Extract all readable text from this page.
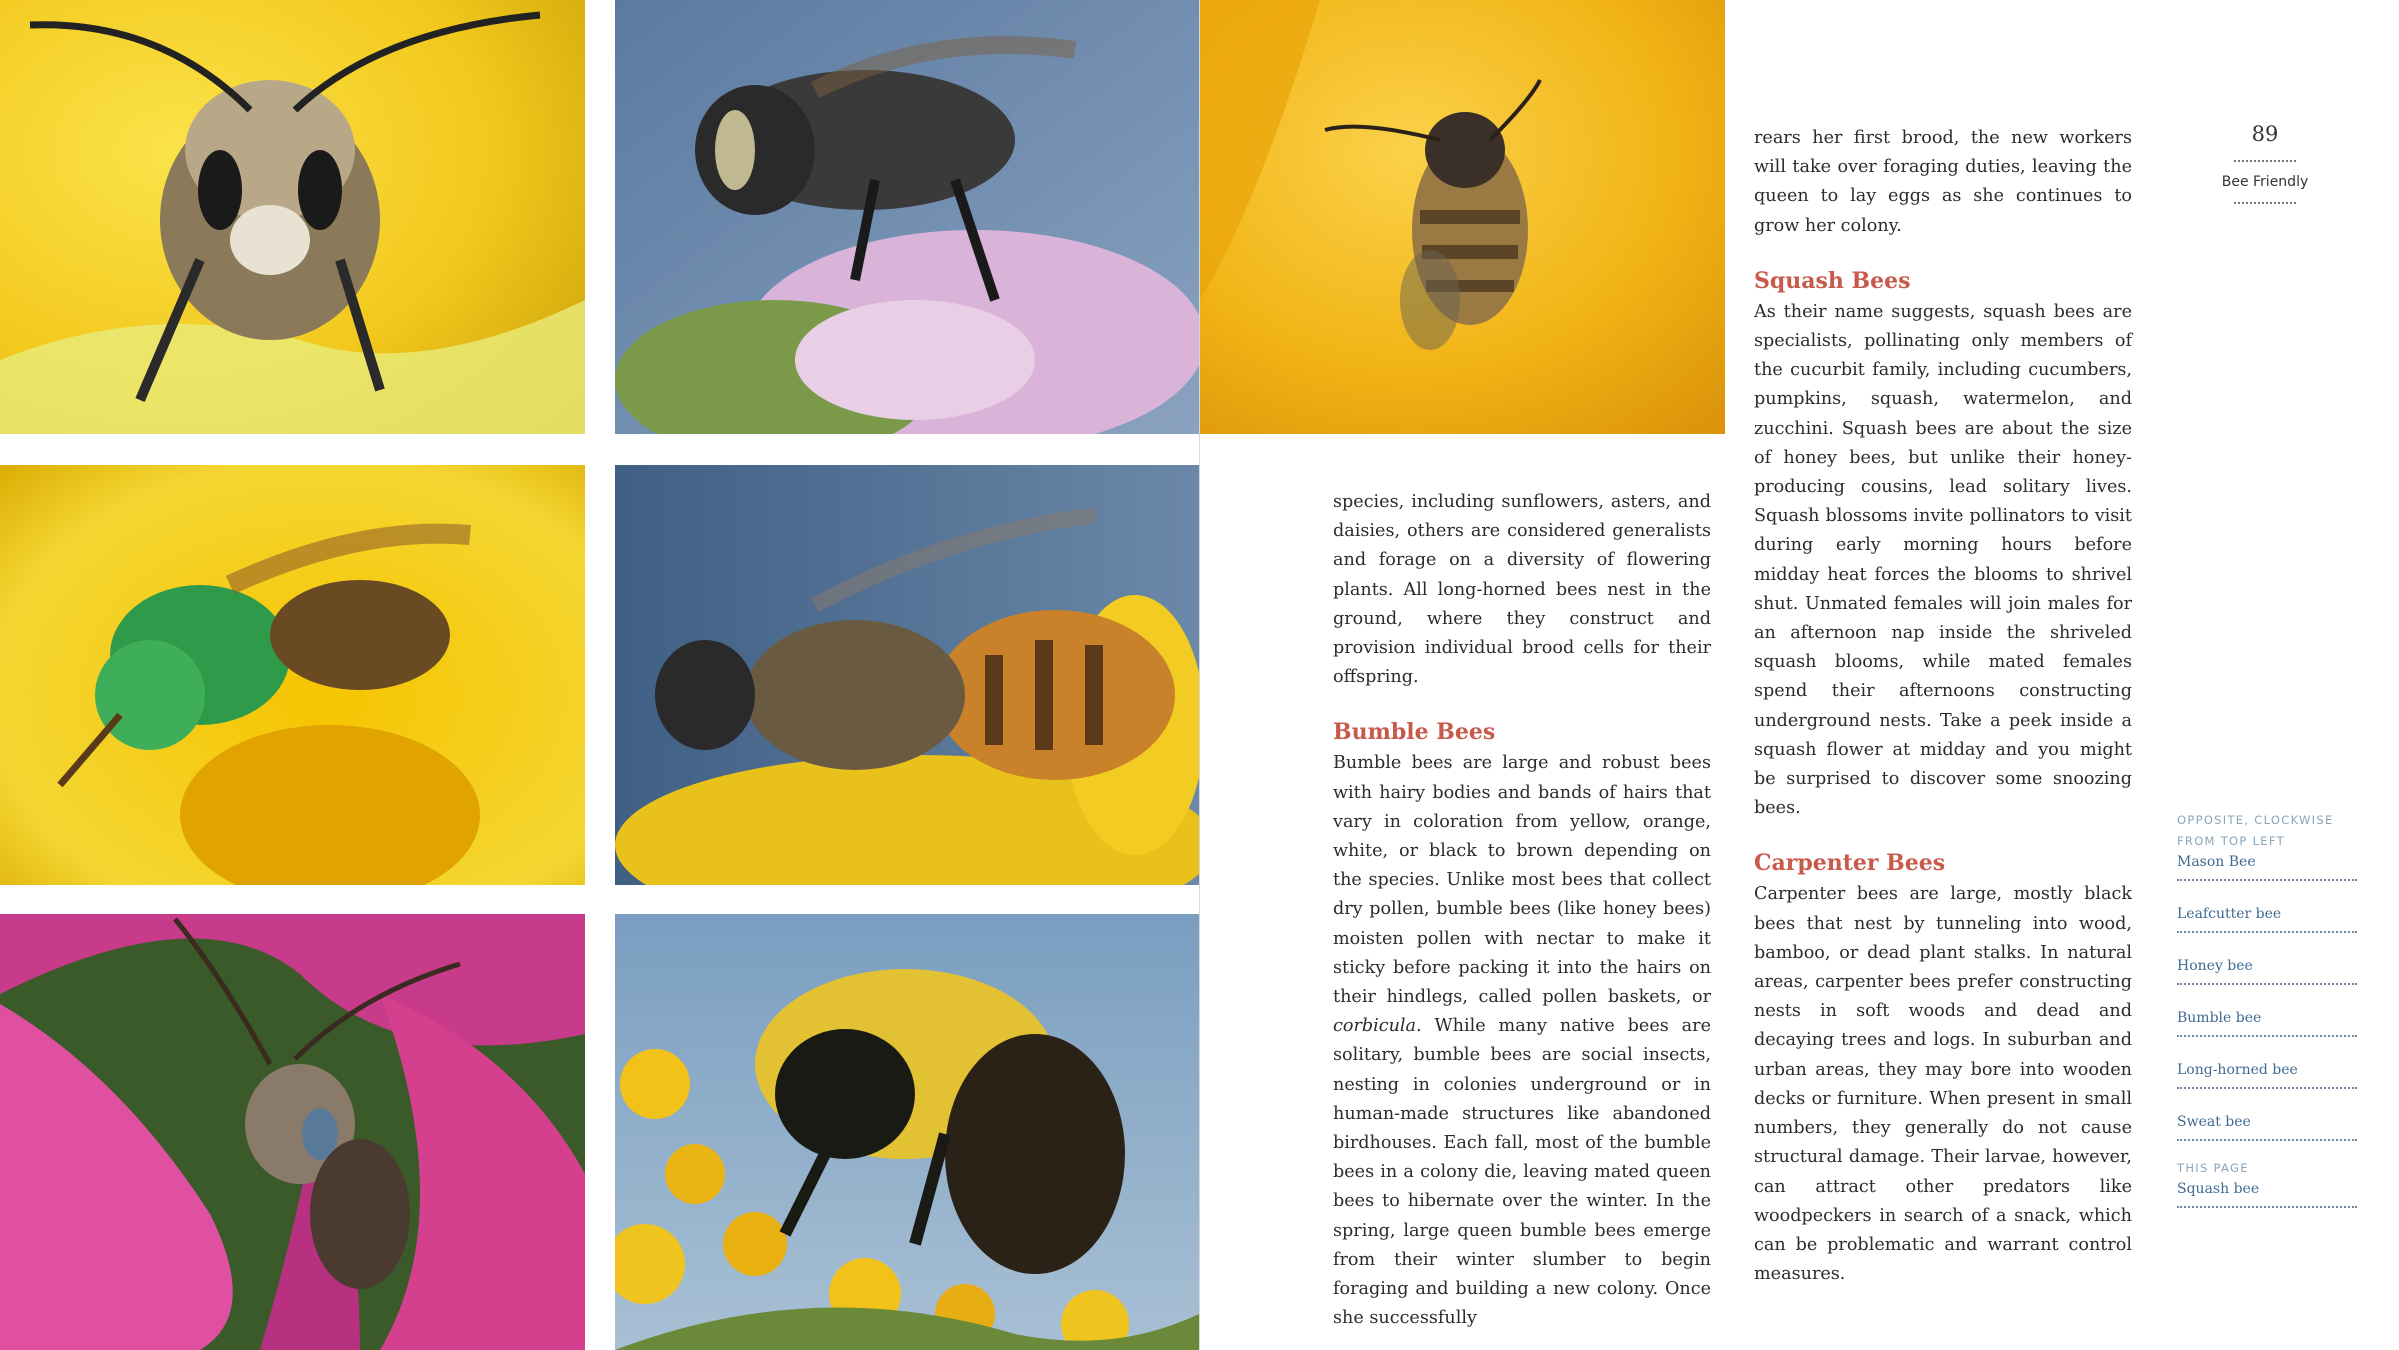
species, including sunflowers, asters, and daisies, others are considered generalists and forage on a diversity of flowering plants. All long-horned bees nest in the ground, where they construct and provision individual brood cells for their offspring.

Bumble Bees

Bumble bees are large and robust bees with hairy bodies and bands of hairs that vary in coloration from yellow, orange, white, or black to brown depending on the species. Unlike most bees that collect dry pollen, bumble bees (like honey bees) moisten pollen with nectar to make it sticky before packing it into the hairs on their hindlegs, called pollen baskets, or corbicula. While many native bees are solitary, bumble bees are social insects, nesting in colonies underground or in human-made structures like abandoned birdhouses. Each fall, most of the bumble bees in a colony die, leaving mated queen bees to hibernate over the winter. In the spring, large queen bumble bees emerge from their winter slumber to begin foraging and building a new colony. Once she successfully

rears her first brood, the new workers will take over foraging duties, leaving the queen to lay eggs as she continues to grow her colony.

Squash Bees

As their name suggests, squash bees are specialists, pollinating only members of the cucurbit family, including cucumbers, pumpkins, squash, watermelon, and zucchini. Squash bees are about the size of honey bees, but unlike their honey-producing cousins, lead solitary lives. Squash blossoms invite pollinators to visit during early morning hours before midday heat forces the blooms to shrivel shut. Unmated females will join males for an afternoon nap inside the shriveled squash blooms, while mated females spend their afternoons constructing underground nests. Take a peek inside a squash flower at midday and you might be surprised to discover some snoozing bees.

Carpenter Bees

Carpenter bees are large, mostly black bees that nest by tunneling into wood, bamboo, or dead plant stalks. In natural areas, carpenter bees prefer constructing nests in soft woods and dead and decaying trees and logs. In suburban and urban areas, they may bore into wooden decks or furniture. When present in small numbers, they generally do not cause structural damage. Their larvae, however, can attract other predators like woodpeckers in search of a snack, which can be problematic and warrant control measures.

89
Bee Friendly
OPPOSITE, CLOCKWISE FROM TOP LEFT
Mason Bee
Leafcutter bee
Honey bee
Bumble bee
Long-horned bee
Sweat bee
THIS PAGE
Squash bee
